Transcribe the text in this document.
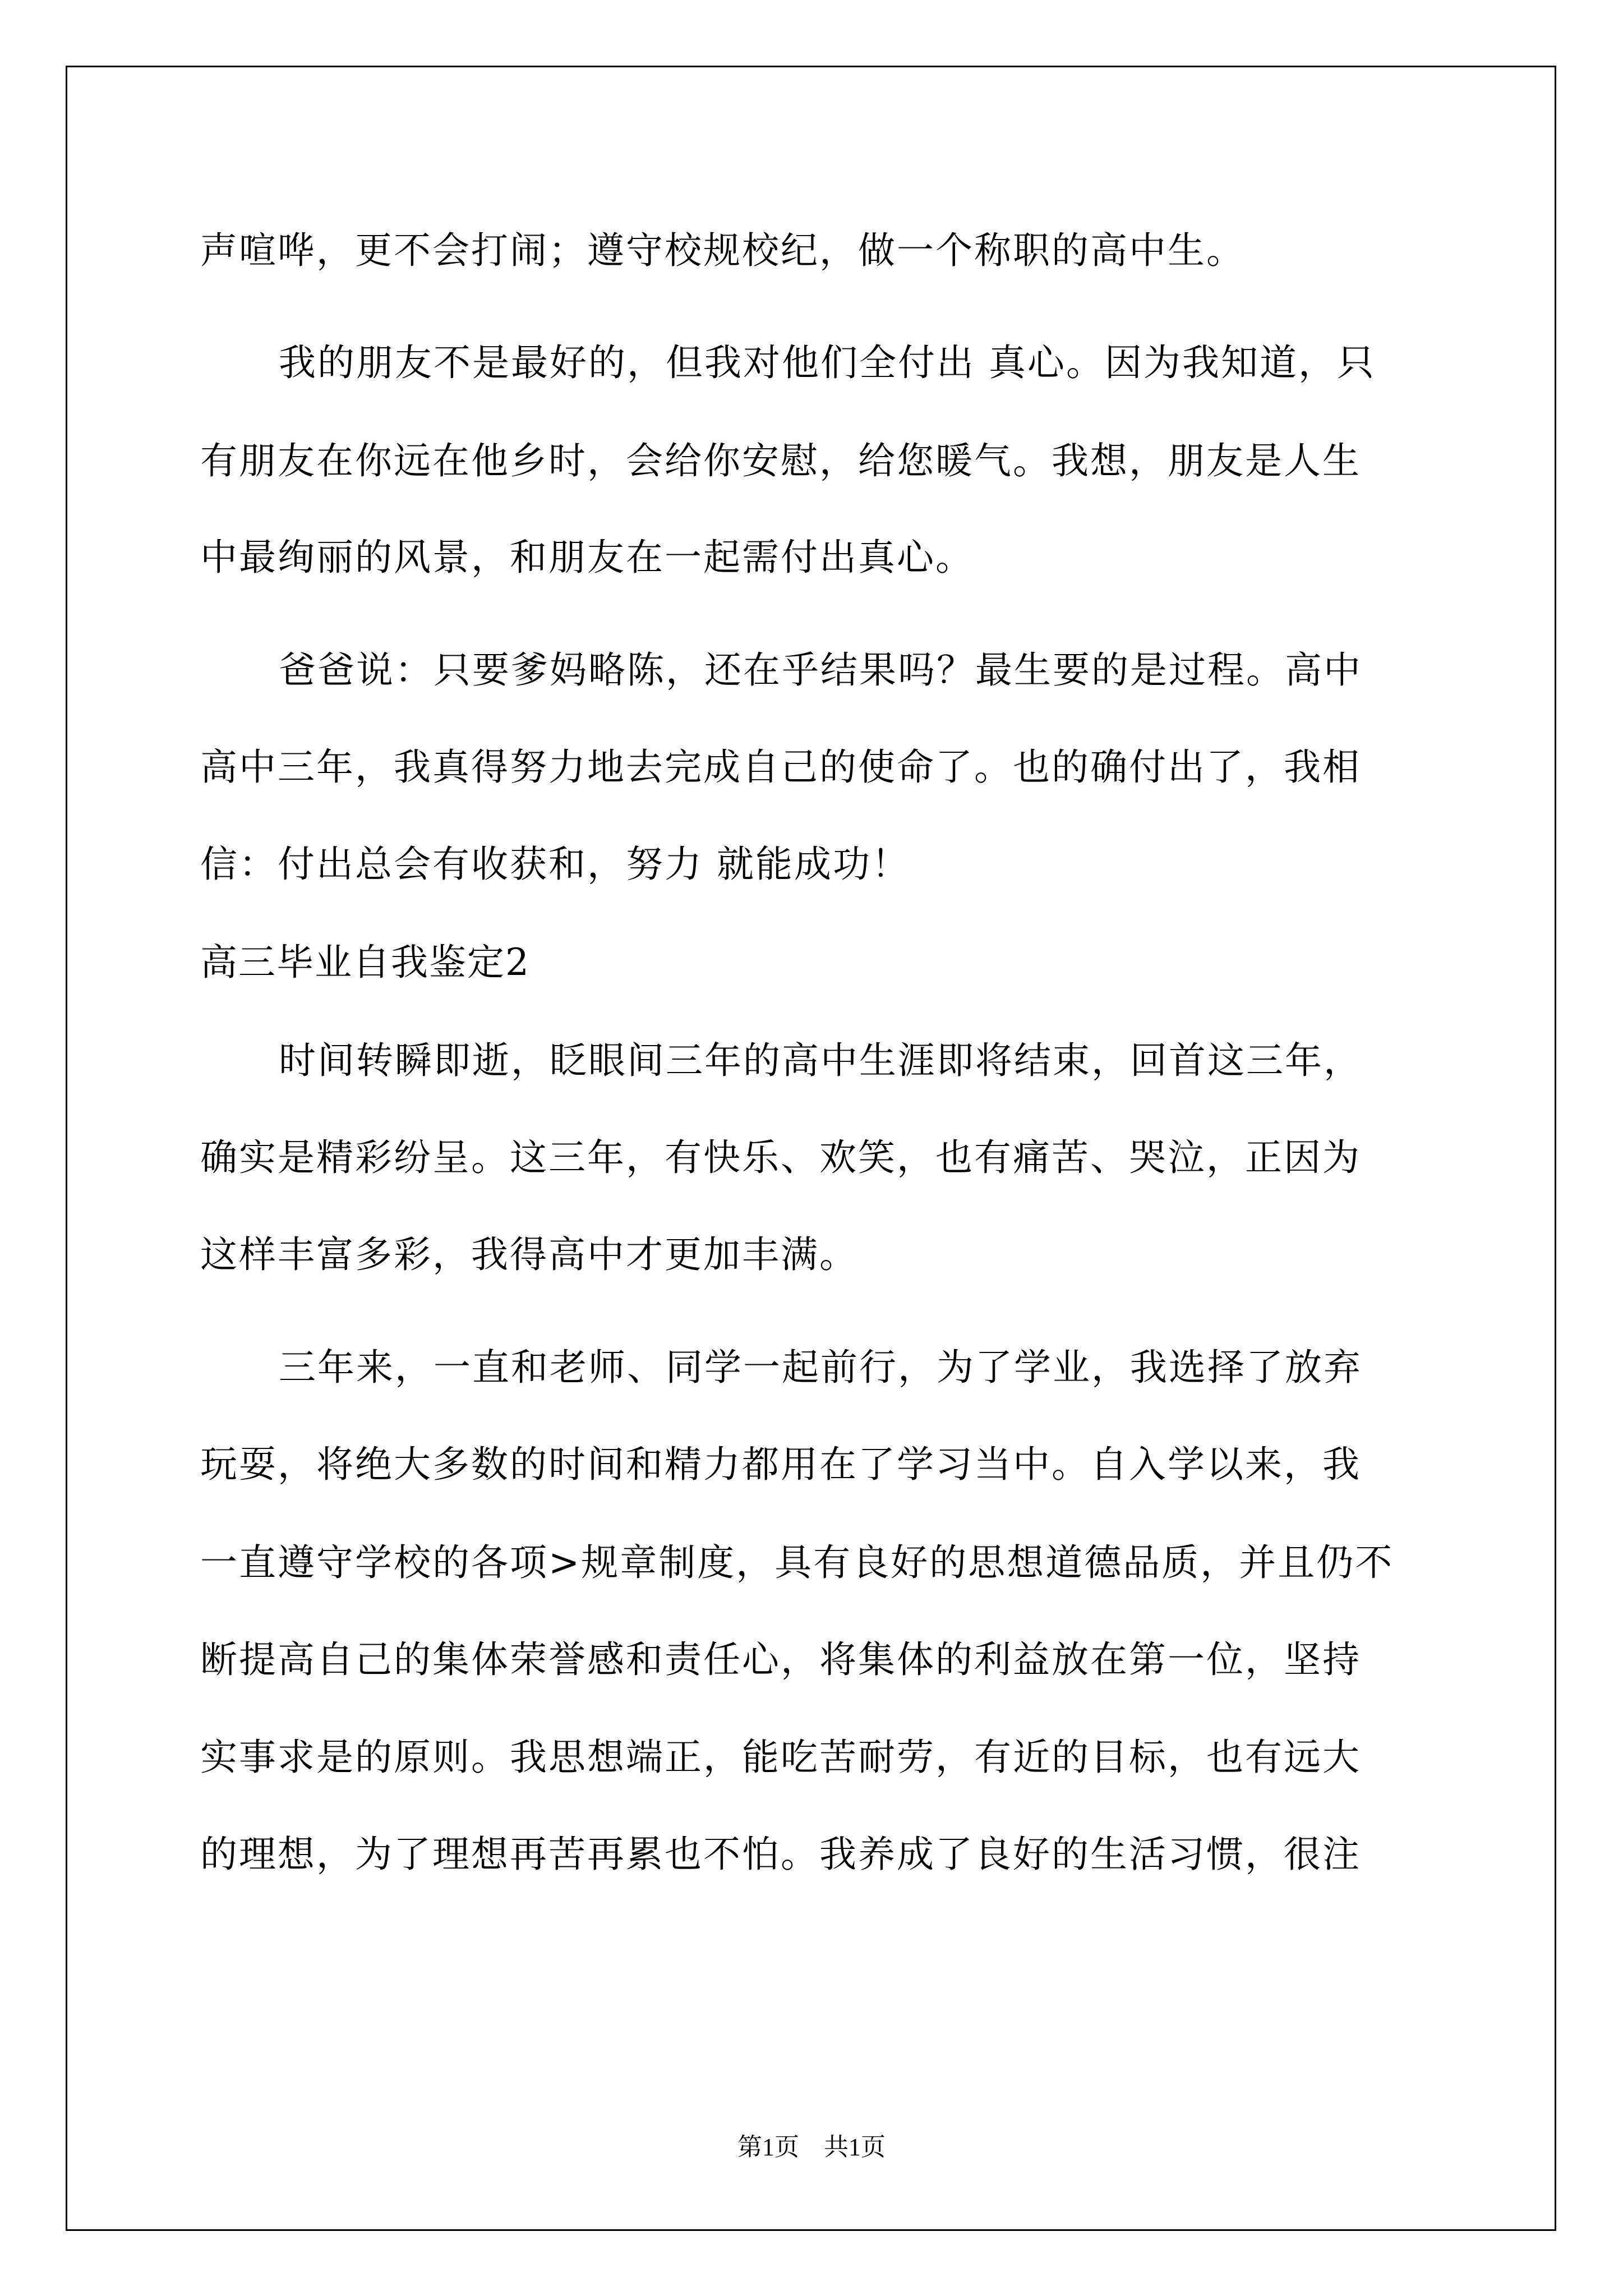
声喧哗，更不会打闹；遵守校规校纪，做一个称职的高中生。
我的朋友不是最好的，但我对他们全付出 真心。因为我知道，只
有朋友在你远在他乡时，会给你安慰，给您暖气。我想，朋友是人生
中最绚丽的风景，和朋友在一起需付出真心。
爸爸说：只要爹妈略陈，还在乎结果吗？最生要的是过程。高中
高中三年，我真得努力地去完成自己的使命了。也的确付出了，我相
信：付出总会有收获和，努力 就能成功！
高三毕业自我鉴定2
时间转瞬即逝，眨眼间三年的高中生涯即将结束，回首这三年，
确实是精彩纷呈。这三年，有快乐、欢笑，也有痛苦、哭泣，正因为
这样丰富多彩，我得高中才更加丰满。
三年来，一直和老师、同学一起前行，为了学业，我选择了放弃
玩耍，将绝大多数的时间和精力都用在了学习当中。自入学以来，我
一直遵守学校的各项>规章制度，具有良好的思想道德品质，并且仍不
断提高自己的集体荣誉感和责任心，将集体的利益放在第一位，坚持
实事求是的原则。我思想端正，能吃苦耐劳，有近的目标，也有远大
的理想，为了理想再苦再累也不怕。我养成了良好的生活习惯，很注
第1页　共1页
